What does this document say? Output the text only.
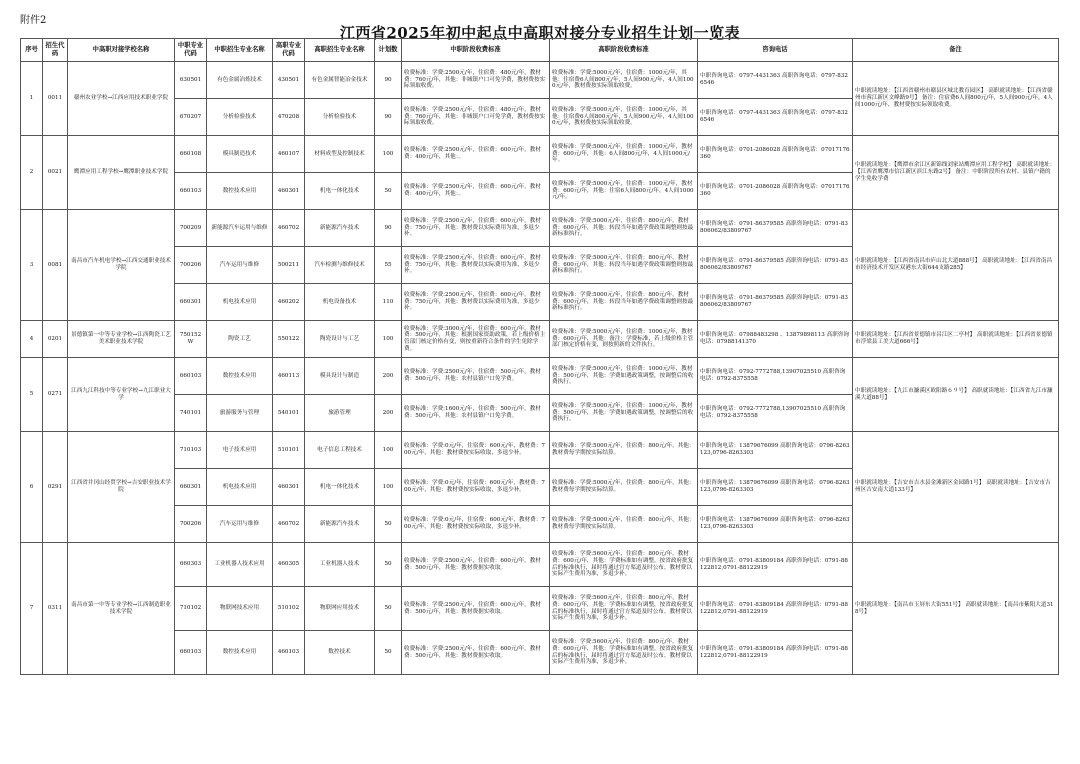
附件2
江西省2025年初中起点中高职对接分专业招生计划一览表
序号	招生代码	中高职对接学校名称	中职专业代码	中职招生专业名称	高职专业代码	高职招生专业名称	计划数	中职阶段收费标准	高职阶段收费标准	咨询电话	备注
1	0011	赣州农业学校→江西应用技术职业学院	630501	有色金属冶炼技术	430501	有色金属智能冶金技术	90	收费标准：学费:2500元/年，住宿费：480元/年，教材费：760元/年，其他：非城镇户口可免学费，教材费按实际领取收费。	收费标准：学费:5000元/年，住宿费：1000元/年，其他：住宿费6人间800元/年，5人间900元/年，4人间1000元/年，教材费按实际领取收费。	中职咨询电话：0797-4431363 高职咨询电话：0797-8326546	中职就读地址：【江西省赣州市赣县区城北教育园区】 高职就读地址：【江西省赣州市蓉江新区文峰路9号】 备注：住宿费6人间800元/年，5人间900元/年，4人间1000元/年，教材费按实际领取收费。
			670207	分析检验技术	470208	分析检验技术	90	收费标准：学费:2500元/年，住宿费：480元/年，教材费：760元/年，其他：非城镇户口可免学费，教材费按实际领取收费。	收费标准：学费:5000元/年，住宿费：1000元/年，其他：住宿费6人间800元/年，5人间900元/年，4人间1000元/年，教材费按实际领取收费。	中职咨询电话：0797-4431363 高职咨询电话：0797-8326546	
2	0021	鹰潭应用工程学校→鹰潭职业技术学院	660108	模具制造技术	460107	材料成型及控制技术	100	收费标准：学费:2500元/年，住宿费：600元/年，教材费：400元/年，其他：。	收费标准：学费:5000元/年，住宿费：1000元/年，教材费：600元/年，其他：6人间800元/年，4人间1000元/年。	中职咨询电话：0701-2086028 高职咨询电话：07017176360	中职就读地址：【鹰潭市余江区新锦线刘家站鹰潭应用工程学校】 高职就读地址：【江西省鹰潭市信江新区滨江东路2号】 备注：中职阶段所有农村、县镇户籍的学生免收学费
			660103	数控技术应用	460301	机电一体化技术	50	收费标准：学费:2500元/年，住宿费：600元/年，教材费：400元/年，其他：。	收费标准：学费:5000元/年，住宿费：1000元/年，教材费：600元/年，其他：住宿6人间800元/年，4人间1000元/年。	中职咨询电话：0701-2086028 高职咨询电话：07017176360	
3	0081	南昌市汽车机电学校→江西交通职业技术学院	700209	新能源汽车运用与维修	460702	新能源汽车技术	90	收费标准：学费:2500元/年，住宿费：600元/年，教材费：750元/年，其他：教材费以实际费用为准，多退少补。	收费标准：学费:5000元/年，住宿费：800元/年，教材费：600元/年，其他：转段当年如遇学费政策调整则按最新标准执行。	中职咨询电话：0791-86379585 高职咨询电话：0791-83806062/83809767	中职就读地址：【江西省南昌市庐山北大道888号】 高职就读地址：【江西省南昌市经济技术开发区双港东大街644支路285】
			700206	汽车运用与维修	500211	汽车检测与维修技术	55	收费标准：学费:2500元/年，住宿费：600元/年，教材费：750元/年，其他：教材费以实际费用为准，多退少补。	收费标准：学费:5000元/年，住宿费：800元/年，教材费：600元/年，其他：转段当年如遇学费政策调整则按最新标准执行。	中职咨询电话：0791-86379585 高职咨询电话：0791-83806062/83809767	
			660301	机电技术应用	460202	机电设备技术	110	收费标准：学费:2500元/年，住宿费：600元/年，教材费：750元/年，其他：教材费以实际费用为准，多退少补。	收费标准：学费:5000元/年，住宿费：800元/年，教材费：600元/年，其他：转段当年如遇学费政策调整则按最新标准执行。	中职咨询电话：0791-86379585 高职咨询电话：0791-83806062/83809767	
4	0201	景德镇第一中等专业学校→江西陶瓷工艺美术职业技术学院	750152W	陶瓷工艺	550122	陶瓷设计与工艺	100	收费标准：学费:3000元/年，住宿费：600元/年，教材费：500元/年，其他：根据国家资助政策，若上级价格主管部门核定价格有变，则按重新符合条件的学生免除学费。	收费标准：学费:5000元/年，住宿费：1000元/年，教材费：600元/年，其他：备注：学费标准，若上级价格主管部门核定价格有变，则按照新的文件执行。	中职咨询电话：07988483298 、13879898113 高职咨询电话：07988141370	中职就读地址：【江西省景德镇市昌江区二亭村】 高职就读地址：【江西省景德镇市浮梁县工美大道666号】
5	0271	江西九江科技中等专业学校→九江职业大学	660103	数控技术应用	460113	模具设计与制造	200	收费标准：学费:2500元/年，住宿费：500元/年，教材费：500元/年，其他：农村县镇户口免学费。	收费标准：学费:5000元/年，住宿费：1000元/年，教材费：500元/年，其他：学费如遇政策调整，按调整后的收费执行。	中职咨询电话：0792-7772788,13907025510 高职咨询电话：0792-8375558	中职就读地址：【九江市濂溪区欧阳路６９号】 高职就读地址：【江西省九江市濂溪大道88号】
			740101	旅游服务与管理	540101	旅游管理	200	收费标准：学费:1600元/年，住宿费：500元/年，教材费：500元/年，其他：农村县镇户口免学费。	收费标准：学费:5000元/年，住宿费：1000元/年，教材费：500元/年，其他：学费如遇政策调整，按调整后的收费执行。	中职咨询电话：0792-7772788,13907025510 高职咨询电话：0792-8375558	
6	0291	江西省井冈山经贸学校→吉安职业技术学院	710103	电子技术应用	510101	电子信息工程技术	100	收费标准：学费:0元/年，住宿费：600元/年，教材费：700元/年，其他：教材费按实际收取，多退少补。	收费标准：学费:5000元/年，住宿费：800元/年，其他：教材费每学期按实际结算。	中职咨询电话：13879676099 高职咨询电话：0796-8263123,0796-8263303	中职就读地址：【吉安市吉水县金滩新区金园路1号】 高职就读地址：【吉安市吉州区吉安南大道133号】
			660301	机电技术应用	460301	机电一体化技术	100	收费标准：学费:0元/年，住宿费：600元/年，教材费：700元/年，其他：教材费按实际收取，多退少补。	收费标准：学费:5000元/年，住宿费：800元/年，其他：教材费每学期按实际结算。	中职咨询电话：13879676099 高职咨询电话：0796-8263123,0796-8263303	
			700206	汽车运用与维修	460702	新能源汽车技术	50	收费标准：学费:0元/年，住宿费：600元/年，教材费：700元/年，其他：教材费按实际收取，多退少补。	收费标准：学费:5000元/年，住宿费：800元/年，其他：教材费每学期按实际结算。	中职咨询电话：13879676099 高职咨询电话：0796-8263123,0796-8263303	
7	0311	南昌市第一中等专业学校→江西制造职业技术学院	660303	工业机器人技术应用	460305	工业机器人技术	50	收费标准：学费:2500元/年，住宿费：600元/年，教材费：500元/年，其他：教材费据实收取。	收费标准：学费:5600元/年，住宿费：800元/年，教材费：600元/年，其他：学费标准如有调整，按省政府批复后的标准执行，届时将通过官方渠道及时公布。教材费以实际产生费用为准，多退少补。	中职咨询电话：0791-83809184 高职咨询电话：0791-88122812,0791-88122919	中职就读地址：【南昌市玉屏东大街551号】 高职就读地址：【南昌市紫阳大道318号】
			710102	物联网技术应用	510102	物联网应用技术	50	收费标准：学费:2500元/年，住宿费：600元/年，教材费：500元/年，其他：教材费据实收取。	收费标准：学费:5600元/年，住宿费：800元/年，教材费：600元/年，其他：学费标准如有调整，按省政府批复后的标准执行，届时将通过官方渠道及时公布。教材费以实际产生费用为准，多退少补。	中职咨询电话：0791-83809184 高职咨询电话：0791-88122812,0791-88122919	
			660103	数控技术应用	460103	数控技术	50	收费标准：学费:2500元/年，住宿费：600元/年，教材费：500元/年，其他：教材费据实收取。	收费标准：学费:5600元/年，住宿费：800元/年，教材费：600元/年，其他：学费标准如有调整，按省政府批复后的标准执行，届时将通过官方渠道及时公布。教材费以实际产生费用为准，多退少补。	中职咨询电话：0791-83809184 高职咨询电话：0791-88122812,0791-88122919	
